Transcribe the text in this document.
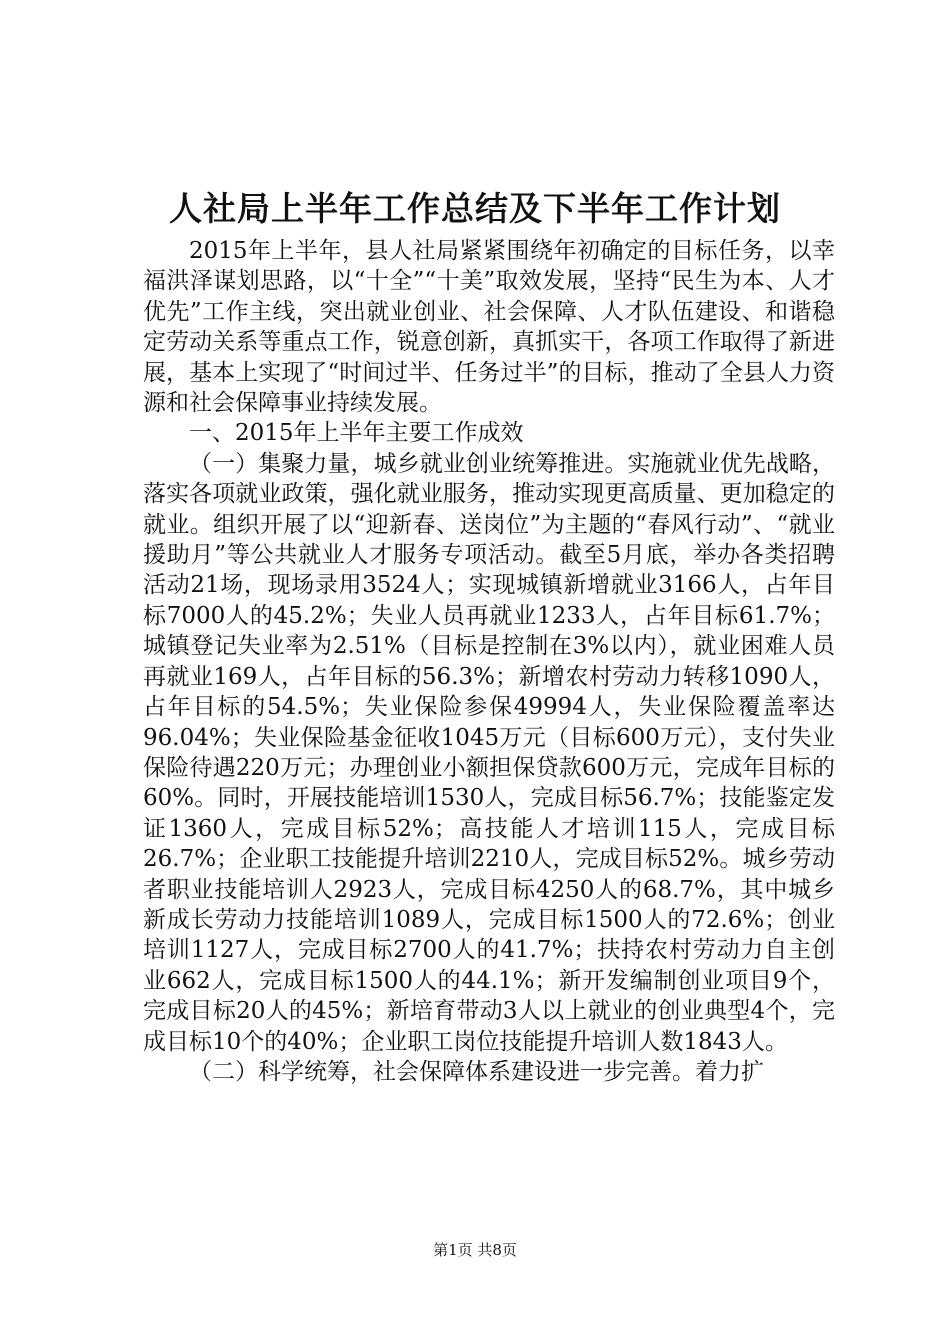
人社局上半年工作总结及下半年工作计划

2015年上半年，县人社局紧紧围绕年初确定的目标任务，以幸福洪泽谋划思路，以“十全”“十美”取效发展，坚持“民生为本、人才优先”工作主线，突出就业创业、社会保障、人才队伍建设、和谐稳定劳动关系等重点工作，锐意创新，真抓实干，各项工作取得了新进展，基本上实现了“时间过半、任务过半”的目标，推动了全县人力资源和社会保障事业持续发展。

一、2015年上半年主要工作成效

（一）集聚力量，城乡就业创业统筹推进。实施就业优先战略，落实各项就业政策，强化就业服务，推动实现更高质量、更加稳定的就业。组织开展了以“迎新春、送岗位”为主题的“春风行动”、“就业援助月”等公共就业人才服务专项活动。截至5月底，举办各类招聘活动21场，现场录用3524人；实现城镇新增就业3166人，占年目标7000人的45.2%；失业人员再就业1233人，占年目标61.7%；城镇登记失业率为2.51%（目标是控制在3%以内），就业困难人员再就业169人，占年目标的56.3%；新增农村劳动力转移1090人，占年目标的54.5%；失业保险参保49994人，失业保险覆盖率达96.04%；失业保险基金征收1045万元（目标600万元），支付失业保险待遇220万元；办理创业小额担保贷款600万元，完成年目标的60%。同时，开展技能培训1530人，完成目标56.7%；技能鉴定发证1360人，完成目标52%；高技能人才培训115人，完成目标26.7%；企业职工技能提升培训2210人，完成目标52%。城乡劳动者职业技能培训人2923人，完成目标4250人的68.7%，其中城乡新成长劳动力技能培训1089人，完成目标1500人的72.6%；创业培训1127人，完成目标2700人的41.7%；扶持农村劳动力自主创业662人，完成目标1500人的44.1%；新开发编制创业项目9个，完成目标20人的45%；新培育带动3人以上就业的创业典型4个，完成目标10个的40%；企业职工岗位技能提升培训人数1843人。

（二）科学统筹，社会保障体系建设进一步完善。着力扩

第1页 共8页
